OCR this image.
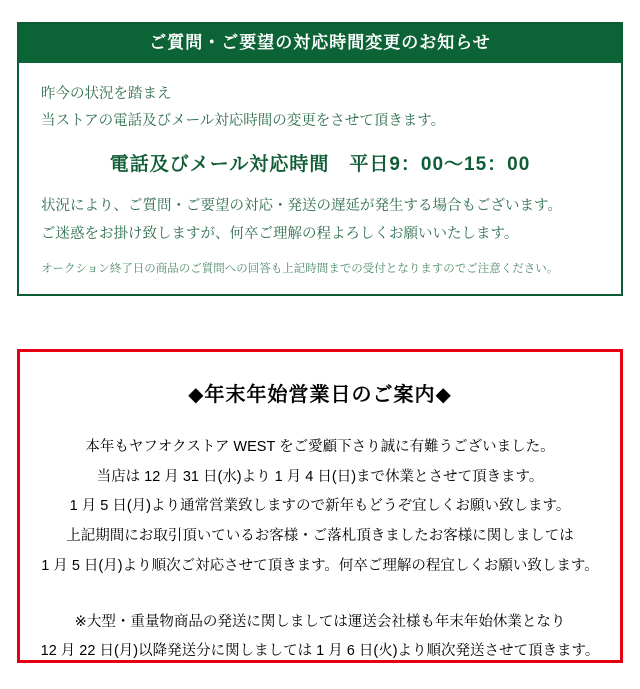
ご質問・ご要望の対応時間変更のお知らせ
昨今の状況を踏まえ
当ストアの電話及びメール対応時間の変更をさせて頂きます。
電話及びメール対応時間　平日9：00〜15：00
状況により、ご質問・ご要望の対応・発送の遅延が発生する場合もございます。
ご迷惑をお掛け致しますが、何卒ご理解の程よろしくお願いいたします。
オークション終了日の商品のご質問への回答も上記時間までの受付となりますのでご注意ください。
◆年末年始営業日のご案内◆
本年もヤフオクストア WEST をご愛顧下さり誠に有難うございました。
当店は 12 月 31 日(水)より 1 月 4 日(日)まで休業とさせて頂きます。
1 月 5 日(月)より通常営業致しますので新年もどうぞ宜しくお願い致します。
上記期間にお取引頂いているお客様・ご落札頂きましたお客様に関しましては
1 月 5 日(月)より順次ご対応させて頂きます。何卒ご理解の程宜しくお願い致します。
※大型・重量物商品の発送に関しましては運送会社様も年末年始休業となり
12 月 22 日(月)以降発送分に関しましては 1 月 6 日(火)より順次発送させて頂きます。
